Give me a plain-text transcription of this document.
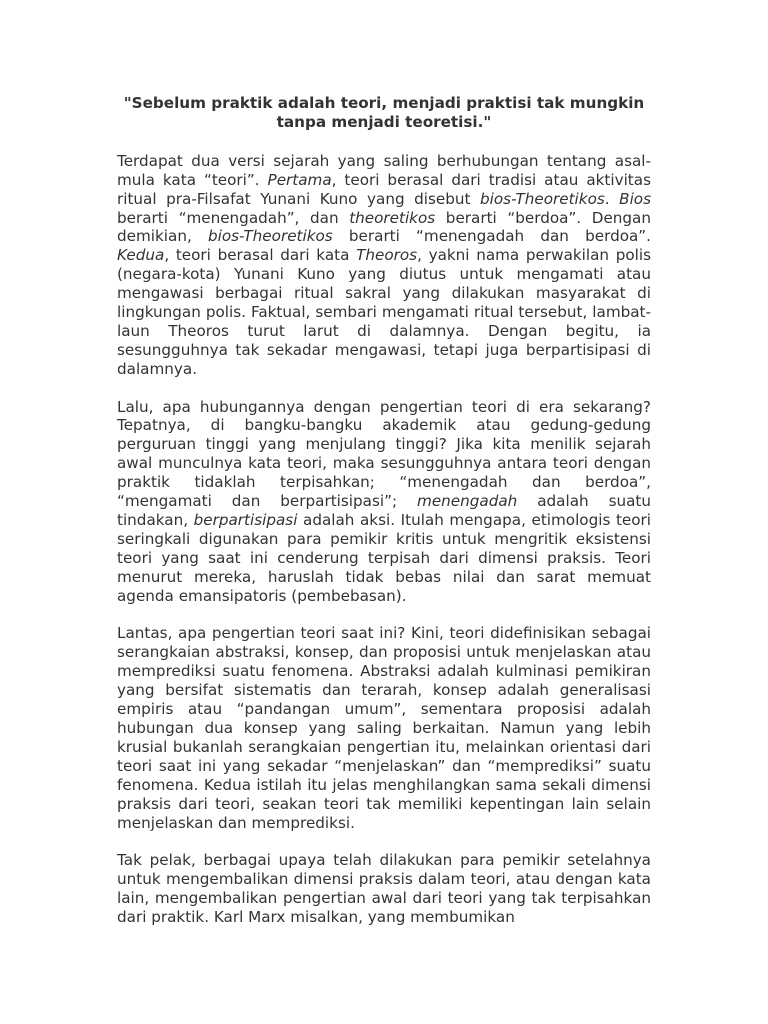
"Sebelum praktik adalah teori, menjadi praktisi tak mungkin tanpa menjadi teoretisi."
Terdapat dua versi sejarah yang saling berhubungan tentang asal-mula kata “teori”. Pertama, teori berasal dari tradisi atau aktivitas ritual pra-Filsafat Yunani Kuno yang disebut bios-Theoretikos. Bios berarti “menengadah”, dan theoretikos berarti “berdoa”. Dengan demikian, bios-Theoretikos berarti “menengadah dan berdoa”. Kedua, teori berasal dari kata Theoros, yakni nama perwakilan polis (negara-kota) Yunani Kuno yang diutus untuk mengamati atau mengawasi berbagai ritual sakral yang dilakukan masyarakat di lingkungan polis. Faktual, sembari mengamati ritual tersebut, lambat-laun Theoros turut larut di dalamnya. Dengan begitu, ia sesungguhnya tak sekadar mengawasi, tetapi juga berpartisipasi di dalamnya.
Lalu, apa hubungannya dengan pengertian teori di era sekarang? Tepatnya, di bangku-bangku akademik atau gedung-gedung perguruan tinggi yang menjulang tinggi? Jika kita menilik sejarah awal munculnya kata teori, maka sesungguhnya antara teori dengan praktik tidaklah terpisahkan; “menengadah dan berdoa”, “mengamati dan berpartisipasi”; menengadah adalah suatu tindakan, berpartisipasi adalah aksi. Itulah mengapa, etimologis teori seringkali digunakan para pemikir kritis untuk mengritik eksistensi teori yang saat ini cenderung terpisah dari dimensi praksis. Teori menurut mereka, haruslah tidak bebas nilai dan sarat memuat agenda emansipatoris (pembebasan).
Lantas, apa pengertian teori saat ini? Kini, teori didefinisikan sebagai serangkaian abstraksi, konsep, dan proposisi untuk menjelaskan atau memprediksi suatu fenomena. Abstraksi adalah kulminasi pemikiran yang bersifat sistematis dan terarah, konsep adalah generalisasi empiris atau “pandangan umum”, sementara proposisi adalah hubungan dua konsep yang saling berkaitan. Namun yang lebih krusial bukanlah serangkaian pengertian itu, melainkan orientasi dari teori saat ini yang sekadar “menjelaskan” dan “memprediksi” suatu fenomena. Kedua istilah itu jelas menghilangkan sama sekali dimensi praksis dari teori, seakan teori tak memiliki kepentingan lain selain menjelaskan dan memprediksi.
Tak pelak, berbagai upaya telah dilakukan para pemikir setelahnya untuk mengembalikan dimensi praksis dalam teori, atau dengan kata lain, mengembalikan pengertian awal dari teori yang tak terpisahkan dari praktik. Karl Marx misalkan, yang membumikan
